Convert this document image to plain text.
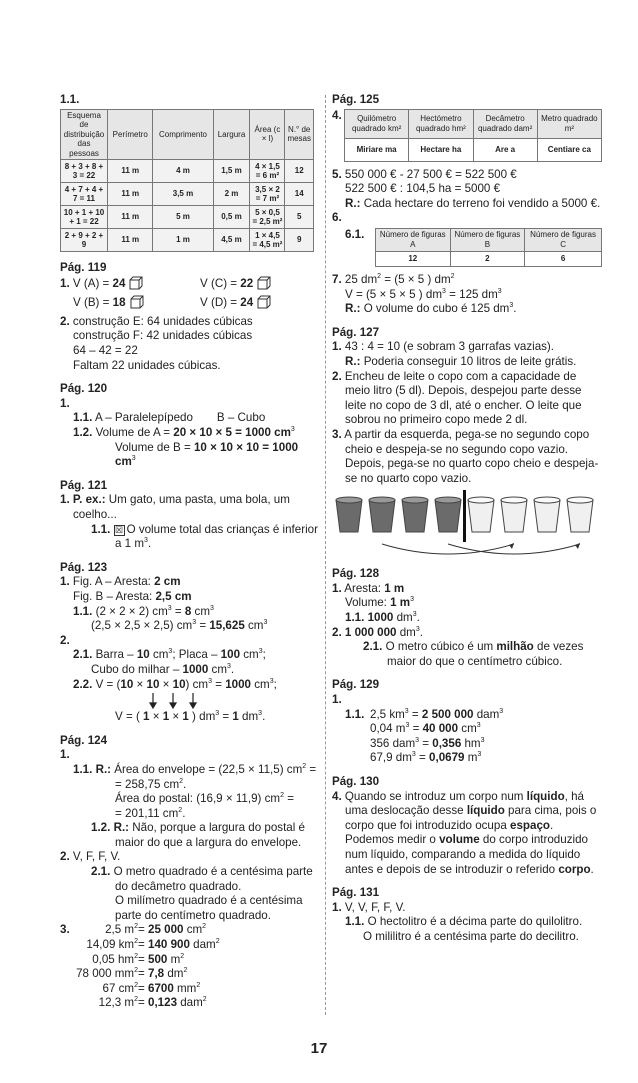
1.1.
Esquema de distribuição das pessoas	Perímetro	Comprimento	Largura	Área (c × l)	N.° de mesas
8 + 3 + 8 + 3 = 22	11 m	4 m	1,5 m	4 × 1,5 = 6 m²	12
4 + 7 + 4 + 7 = 11	11 m	3,5 m	2 m	3,5 × 2 = 7 m²	14
10 + 1 + 10 + 1 = 22	11 m	5 m	0,5 m	5 × 0,5 = 2,5 m²	5
2 + 9 + 2 + 9	11 m	1 m	4,5 m	1 × 4,5 = 4,5 m²	9
Pág. 119
1. V (A) = 24	V (C) = 22
V (B) = 18	V (D) = 24

2. construção E: 64 unidades cúbicas

construção F: 42 unidades cúbicas

64 – 42 = 22

Faltam 22 unidades cúbicas.

Pág. 120

1.

1.1. A – Paralelepípedo B – Cubo

1.2. Volume de A = 20 × 10 × 5 = 1000 $cm^3$

Volume de B = 10 × 10 × 10 = 1000 $cm^3$

Pág. 121

1. P. ex.: Um gato, uma pasta, uma bola, um coelho...

1.1. ☒ O volume total das crianças é inferior a 1 $m^3$.

Pág. 123

1. Fig. A – Aresta: 2 cm

Fig. B – Aresta: 2,5 cm

1.1. (2 × 2 × 2) $cm^3 = 8$ $cm^3$

(2,5 × 2,5 × 2,5) $cm^3 = 15,625$ $cm^3$

2.

2.1. Barra – 10 $cm^3$; Placa – 100 $cm^3$;

Cubo do milhar – 1000 $cm^3$.

2.2. V = (10 × 10 × 10) $cm^3 = 1000$ $cm^3$;

V = ( 1 × 1 × 1 ) $dm^3 = 1$ $dm^3$.

Pág. 124

1.

1.1. R.: Área do envelope = (22,5 × 11,5) $cm^2$ =

= 258,75 $cm^2$.

Área do postal: (16,9 × 11,9) $cm^2$ =

= 201,11 $cm^2$.

1.2. R.: Não, porque a largura do postal é maior do que a largura do envelope.

2. V, F, F, V.

2.1. O metro quadrado é a centésima parte do decâmetro quadrado.

O milímetro quadrado é a centésima parte do centímetro quadrado.

3.	2,5 $m^2 = 25$ 000 $cm^2$
14,09 $km^2 = 140$ 900 dam$^2$
0,05 $hm^2 = 500$ $m^2$
78 000 $mm^2 = 7,8$ $dm^2$
67 $cm^2 = 6700$ $mm^2$
12,3 $m^2 = 0,123$ dam$^2$
Pág. 125
4. Quilómetro quadrado km²	Hectómetro quadrado hm²	Decâmetro quadrado dam²	Metro quadrado m²
Miriare ma	Hectare ha	Are a	Centiare ca

5. 550 000 € - 27 500 € = 522 500 €

522 500 € : 104,5 ha = 5000 €

R.: Cada hectare do terreno foi vendido a 5000 €.

6.

6.1.	Número de figuras A	Número de figuras B	Número de figuras C
12	2	6

7. 25 $dm^2 = (5 \times 5$ ) $dm^2$

V = (5 × 5 × 5 ) $dm^3 = 125$ $dm^3$

R.: O volume do cubo é 125 $dm^3$.

Pág. 127

1. 43 : 4 = 10 (e sobram 3 garrafas vazias).

R.: Poderia conseguir 10 litros de leite grátis.

2. Encheu de leite o copo com a capacidade de meio litro (5 dl). Depois, despejou parte desse leite no copo de 3 dl, até o encher. O leite que sobrou no primeiro copo mede 2 dl.

3. A partir da esquerda, pega-se no segundo copo cheio e despeja-se no segundo copo vazio. Depois, pega-se no quarto copo cheio e despeja-se no quarto copo vazio.

Pág. 128

1. Aresta: 1 m

Volume: 1 $m^3$

1.1. 1000 $dm^3$.

2. 1 000 000 $dm^3$.

2.1. O metro cúbico é um milhão de vezes maior do que o centímetro cúbico.

Pág. 129

1.

1.1. 2,5 $km^3 = 2$ 500 000 dam$^3$
0,04 $m^3 = 40$ 000 $cm^3$
356 dam$^3$ = 0,356 $hm^3$
67,9 $dm^3 = 0,0679$ $m^3$
Pág. 130

4. Quando se introduz um corpo num líquido, há uma deslocação desse líquido para cima, pois o corpo que foi introduzido ocupa espaço. Podemos medir o volume do corpo introduzido num líquido, comparando a medida do líquido antes e depois de se introduzir o referido corpo.

Pág. 131

1. V, V, F, F, V.

1.1. O hectolitro é a décima parte do quilolitro.

O mililitro é a centésima parte do decilitro.

17
